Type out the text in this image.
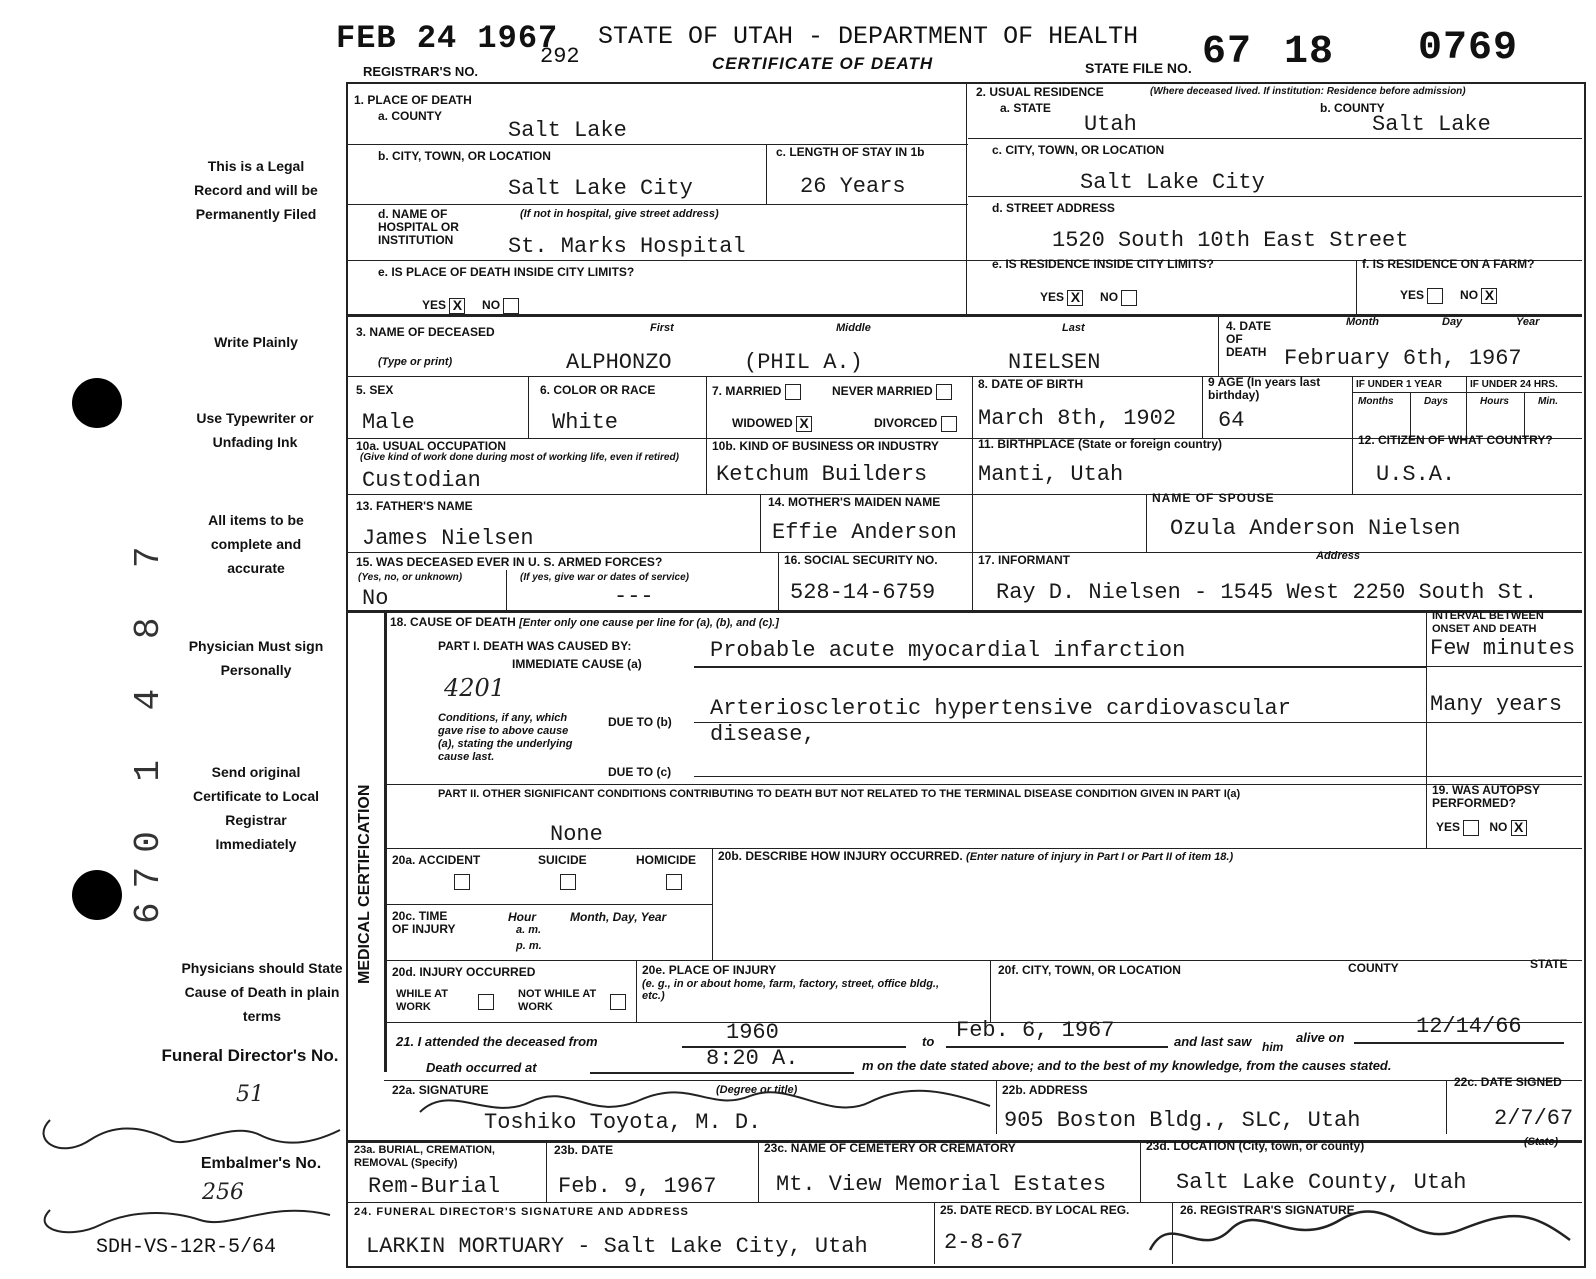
FEB 24 1967
REGISTRAR'S NO.
292
STATE OF UTAH - DEPARTMENT OF HEALTH
CERTIFICATE OF DEATH	STATE FILE NO. 67 18 0769
This is a Legal Record and will be Permanently Filed
Write Plainly
Use Typewriter or Unfading Ink
All items to be complete and accurate
Physician Must sign Personally
Send original Certificate to Local Registrar Immediately
Physicians should State Cause of Death in plain terms
Funeral Director's No.
51
Embalmer's No.
256
SDH-VS-12R-5/64
670 1 4 8 7
1. PLACE OF DEATH
a. COUNTY
Salt Lake
b. CITY, TOWN, OR LOCATION
Salt Lake City
c. LENGTH OF STAY IN 1b
26 Years
d. NAME OF HOSPITAL OR INSTITUTION
(If not in hospital, give street address)
St. Marks Hospital
e. IS PLACE OF DEATH INSIDE CITY LIMITS?
YES X NO
2. USUAL RESIDENCE	(Where deceased lived. If institution: Residence before admission)
a. STATE
Utah
b. COUNTY
Salt Lake
c. CITY, TOWN, OR LOCATION
Salt Lake City
d. STREET ADDRESS
1520 South 10th East Street
e. IS RESIDENCE INSIDE CITY LIMITS?
YES X NO
f. IS RESIDENCE ON A FARM?
YES	NO X
3. NAME OF DECEASED
(Type or print)
First	Middle	Last
ALPHONZO	(PHIL A.)	NIELSEN
4. DATE OF DEATH
Month	Day	Year
February 6th, 1967
5. SEX
Male
6. COLOR OR RACE
White
7. MARRIED	NEVER MARRIED
WIDOWED X	DIVORCED
8. DATE OF BIRTH
March 8th, 1902
9 AGE (In years last birthday)
64
IF UNDER 1 YEAR	IF UNDER 24 HRS.
Months	Days	Hours	Min.
10a. USUAL OCCUPATION
(Give kind of work done during most of working life, even if retired)
Custodian
10b. KIND OF BUSINESS OR INDUSTRY
Ketchum Builders
11. BIRTHPLACE (State or foreign country)
Manti, Utah
12. CITIZEN OF WHAT COUNTRY?
U.S.A.
13. FATHER'S NAME
James Nielsen
14. MOTHER'S MAIDEN NAME
Effie Anderson
NAME OF SPOUSE
Ozula Anderson Nielsen
15. WAS DECEASED EVER IN U. S. ARMED FORCES?
(Yes, no, or unknown)	(If yes, give war or dates of service)
No	---
16. SOCIAL SECURITY NO.
528-14-6759
17. INFORMANT	Address
Ray D. Nielsen - 1545 West 2250 South St.
MEDICAL CERTIFICATION
18. CAUSE OF DEATH [Enter only one cause per line for (a), (b), and (c).]
INTERVAL BETWEEN ONSET AND DEATH
PART I. DEATH WAS CAUSED BY:
IMMEDIATE CAUSE (a)
Probable acute myocardial infarction	Few minutes
4201
Conditions, if any, which gave rise to above cause (a), stating the underlying cause last.
DUE TO (b)
Arteriosclerotic hypertensive cardiovascular
disease,
Many years
DUE TO (c)
PART II. OTHER SIGNIFICANT CONDITIONS CONTRIBUTING TO DEATH BUT NOT RELATED TO THE TERMINAL DISEASE CONDITION GIVEN IN PART I(a)
None
19. WAS AUTOPSY PERFORMED?
YES NO X
20a. ACCIDENT	SUICIDE	HOMICIDE 20b. DESCRIBE HOW INJURY OCCURRED. (Enter nature of injury in Part I or Part II of item 18.)
20c. TIME OF INJURY
Hour
a. m.
p. m.
Month, Day, Year
20d. INJURY OCCURRED
WHILE AT WORK
NOT WHILE AT WORK
20e. PLACE OF INJURY
(e. g., in or about home, farm, factory, street, office bldg., etc.)
20f. CITY, TOWN, OR LOCATION	COUNTY	STATE
21. I attended the deceased from	1960	to Feb. 6, 1967	and last saw him
alive on	12/14/66
Death occurred at	8:20 A.	m on the date stated above; and to the best of my knowledge, from the causes stated.
22a. SIGNATURE	(Degree or title)
Toshiko Toyota, M. D.
22b. ADDRESS
905 Boston Bldg., SLC, Utah
22c. DATE SIGNED
2/7/67
23a. BURIAL, CREMATION, REMOVAL (Specify)
Rem-Burial
23b. DATE
Feb. 9, 1967
23c. NAME OF CEMETERY OR CREMATORY
Mt. View Memorial Estates
23d. LOCATION (City, town, or county)	(State)
Salt Lake County, Utah
24. FUNERAL DIRECTOR'S SIGNATURE AND ADDRESS
LARKIN MORTUARY - Salt Lake City, Utah
25. DATE RECD. BY LOCAL REG.
2-8-67
26. REGISTRAR'S SIGNATURE
